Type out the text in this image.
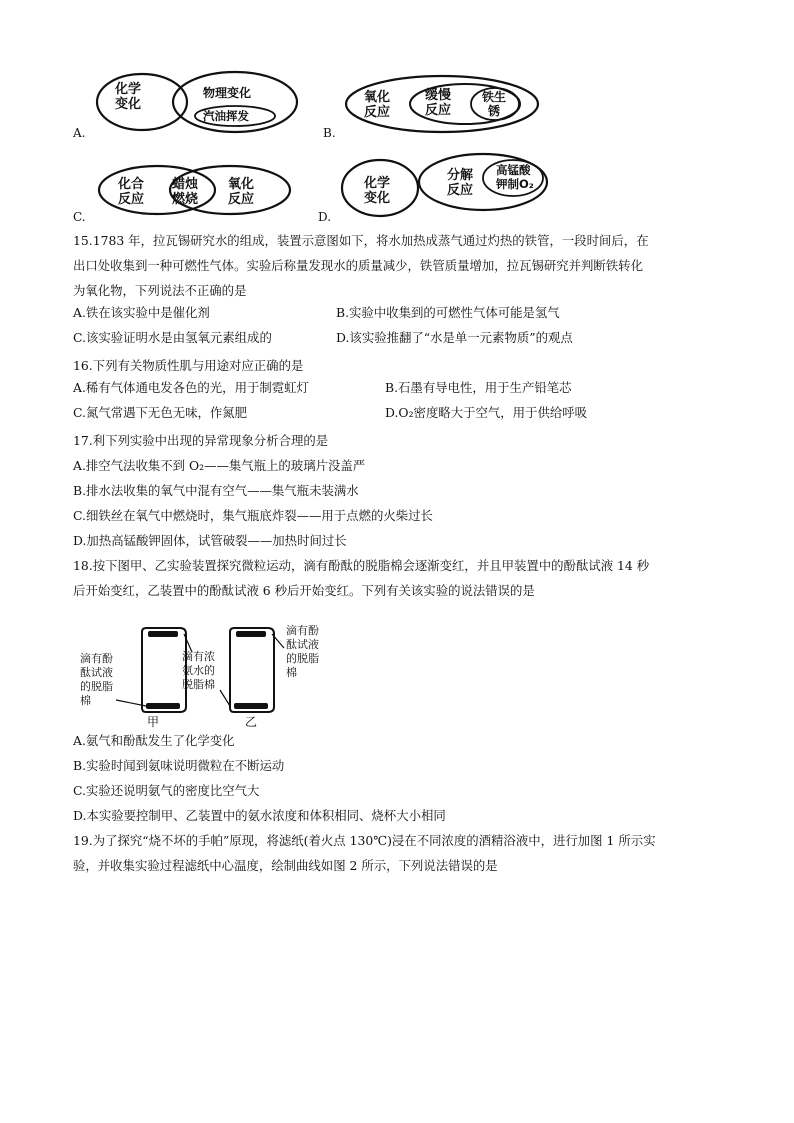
A.	B.
C.	D.
化学变化
物理变化
汽油挥发
氧化反应
缓慢反应
铁生锈
化合反应
蜡烛燃烧
氧化反应
化学变化
分解反应
高锰酸钾制O₂
15.1783 年，拉瓦锡研究水的组成，装置示意图如下，将水加热成蒸气通过灼热的铁管，一段时间后，在
出口处收集到一种可燃性气体。实验后称量发现水的质量减少，铁管质量增加，拉瓦锡研究并判断铁转化
为氧化物，下列说法不正确的是
A.铁在该实验中是催化剂	B.实验中收集到的可燃性气体可能是氢气
C.该实验证明水是由氢氧元素组成的	D.该实验推翻了“水是单一元素物质”的观点
16.下列有关物质性肌与用途对应正确的是
A.稀有气体通电发各色的光，用于制霓虹灯	B.石墨有导电性，用于生产铅笔芯
C.氮气常遇下无色无味，作氮肥	D.O₂密度略大于空气，用于供给呼吸
17.利下列实验中出现的异常现象分析合理的是
A.排空气法收集不到 O₂——集气瓶上的玻璃片没盖严
B.排水法收集的氧气中混有空气——集气瓶未装满水
C.细铁丝在氧气中燃烧时，集气瓶底炸裂——用于点燃的火柴过长
D.加热高锰酸钾固体，试管破裂——加热时间过长
18.按下图甲、乙实验装置探究微粒运动，滴有酚酞的脱脂棉会逐渐变红，并且甲装置中的酚酞试液 14 秒
后开始变红，乙装置中的酚酞试液 6 秒后开始变红。下列有关该实验的说法错误的是
滴有酚酞试液的脱脂棉
滴有浓氨水的脱脂棉
滴有酚酞试液的脱脂棉
甲	乙
A.氨气和酚酞发生了化学变化
B.实验时闻到氨味说明微粒在不断运动
C.实验还说明氨气的密度比空气大
D.本实验要控制甲、乙装置中的氨水浓度和体积相同、烧杯大小相同
19.为了探究“烧不坏的手帕”原现，将滤纸(着火点 130℃)浸在不同浓度的酒精浴液中，进行加图 1 所示实
验，并收集实验过程滤纸中心温度，绘制曲线如图 2 所示，下列说法错误的是
